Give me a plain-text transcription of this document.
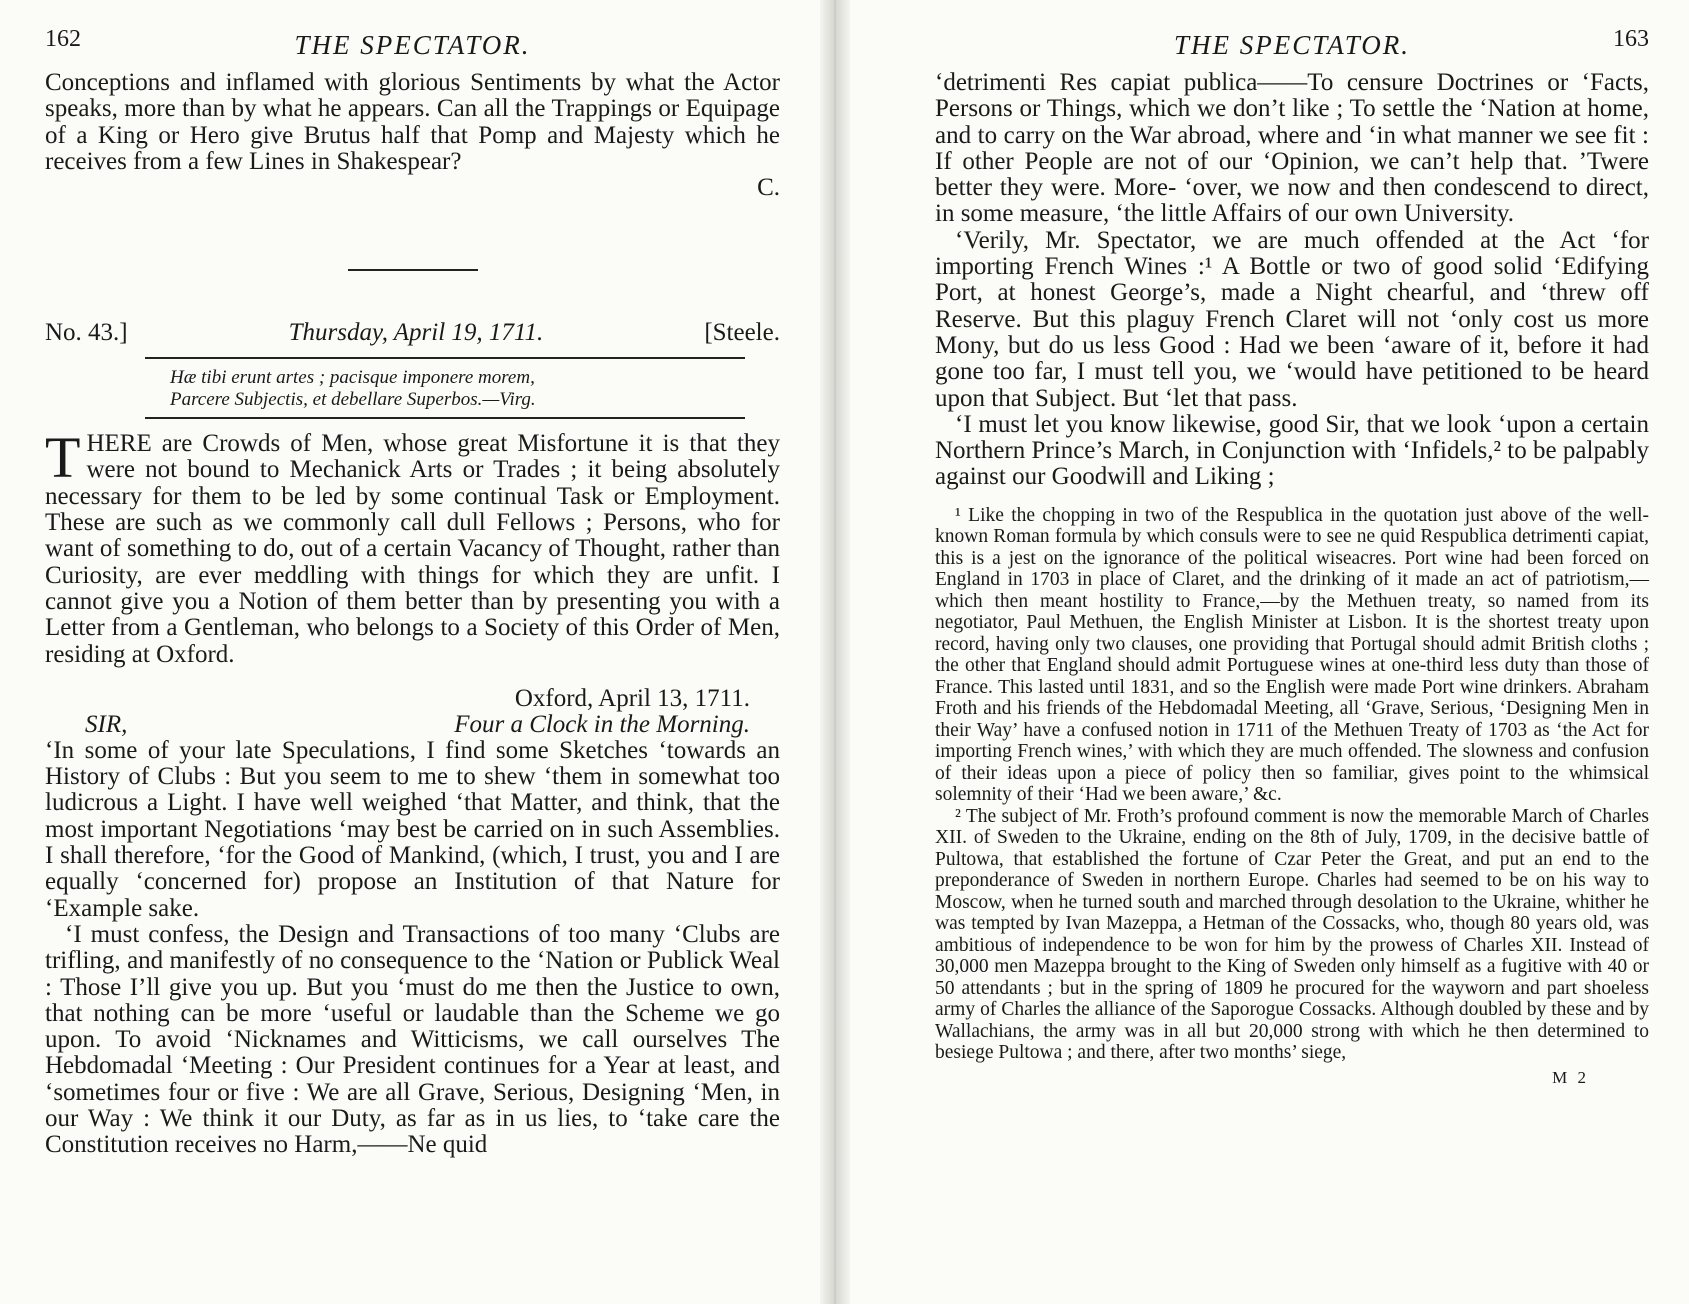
162	THE SPECTATOR.

Conceptions and inflamed with glorious Sentiments by what the Actor speaks, more than by what he appears. Can all the Trappings or Equipage of a King or Hero give Brutus half that Pomp and Majesty which he receives from a few Lines in Shakespear?

C.
No. 43.]	Thursday, April 19, 1711.	[Steele.
Hæ tibi erunt artes ; pacisque imponere morem,
Parcere Subjectis, et debellare Superbos.—Virg.

THERE are Crowds of Men, whose great Misfortune it is that they were not bound to Mechanick Arts or Trades ; it being absolutely necessary for them to be led by some continual Task or Employment. These are such as we commonly call dull Fellows ; Persons, who for want of something to do, out of a certain Vacancy of Thought, rather than Curiosity, are ever meddling with things for which they are unfit. I cannot give you a Notion of them better than by presenting you with a Letter from a Gentleman, who belongs to a Society of this Order of Men, residing at Oxford.

Oxford, April 13, 1711.
SIR,	Four a Clock in the Morning.

‘In some of your late Speculations, I find some Sketches ‘towards an History of Clubs : But you seem to me to shew ‘them in somewhat too ludicrous a Light. I have well weighed ‘that Matter, and think, that the most important Negotiations ‘may best be carried on in such Assemblies. I shall therefore, ‘for the Good of Mankind, (which, I trust, you and I are equally ‘concerned for) propose an Institution of that Nature for ‘Example sake.

‘I must confess, the Design and Transactions of too many ‘Clubs are trifling, and manifestly of no consequence to the ‘Nation or Publick Weal : Those I’ll give you up. But you ‘must do me then the Justice to own, that nothing can be more ‘useful or laudable than the Scheme we go upon. To avoid ‘Nicknames and Witticisms, we call ourselves The Hebdomadal ‘Meeting : Our President continues for a Year at least, and ‘sometimes four or five : We are all Grave, Serious, Designing ‘Men, in our Way : We think it our Duty, as far as in us lies, to ‘take care the Constitution receives no Harm,——Ne quid

163
THE SPECTATOR.

‘detrimenti Res capiat publica——To censure Doctrines or ‘Facts, Persons or Things, which we don’t like ; To settle the ‘Nation at home, and to carry on the War abroad, where and ‘in what manner we see fit : If other People are not of our ‘Opinion, we can’t help that. ’Twere better they were. More- ‘over, we now and then condescend to direct, in some measure, ‘the little Affairs of our own University.

‘Verily, Mr. Spectator, we are much offended at the Act ‘for importing French Wines :¹ A Bottle or two of good solid ‘Edifying Port, at honest George’s, made a Night chearful, and ‘threw off Reserve. But this plaguy French Claret will not ‘only cost us more Mony, but do us less Good : Had we been ‘aware of it, before it had gone too far, I must tell you, we ‘would have petitioned to be heard upon that Subject. But ‘let that pass.

‘I must let you know likewise, good Sir, that we look ‘upon a certain Northern Prince’s March, in Conjunction with ‘Infidels,² to be palpably against our Goodwill and Liking ;

¹ Like the chopping in two of the Respublica in the quotation just above of the well-known Roman formula by which consuls were to see ne quid Respublica detrimenti capiat, this is a jest on the ignorance of the political wiseacres. Port wine had been forced on England in 1703 in place of Claret, and the drinking of it made an act of patriotism,—which then meant hostility to France,—by the Methuen treaty, so named from its negotiator, Paul Methuen, the English Minister at Lisbon. It is the shortest treaty upon record, having only two clauses, one providing that Portugal should admit British cloths ; the other that England should admit Portuguese wines at one-third less duty than those of France. This lasted until 1831, and so the English were made Port wine drinkers. Abraham Froth and his friends of the Hebdomadal Meeting, all ‘Grave, Serious, ‘Designing Men in their Way’ have a confused notion in 1711 of the Methuen Treaty of 1703 as ‘the Act for importing French wines,’ with which they are much offended. The slowness and confusion of their ideas upon a piece of policy then so familiar, gives point to the whimsical solemnity of their ‘Had we been aware,’ &c.

² The subject of Mr. Froth’s profound comment is now the memorable March of Charles XII. of Sweden to the Ukraine, ending on the 8th of July, 1709, in the decisive battle of Pultowa, that established the fortune of Czar Peter the Great, and put an end to the preponderance of Sweden in northern Europe. Charles had seemed to be on his way to Moscow, when he turned south and marched through desolation to the Ukraine, whither he was tempted by Ivan Mazeppa, a Hetman of the Cossacks, who, though 80 years old, was ambitious of independence to be won for him by the prowess of Charles XII. Instead of 30,000 men Mazeppa brought to the King of Sweden only himself as a fugitive with 40 or 50 attendants ; but in the spring of 1809 he procured for the wayworn and part shoeless army of Charles the alliance of the Saporogue Cossacks. Although doubled by these and by Wallachians, the army was in all but 20,000 strong with which he then determined to besiege Pultowa ; and there, after two months’ siege,

M 2
